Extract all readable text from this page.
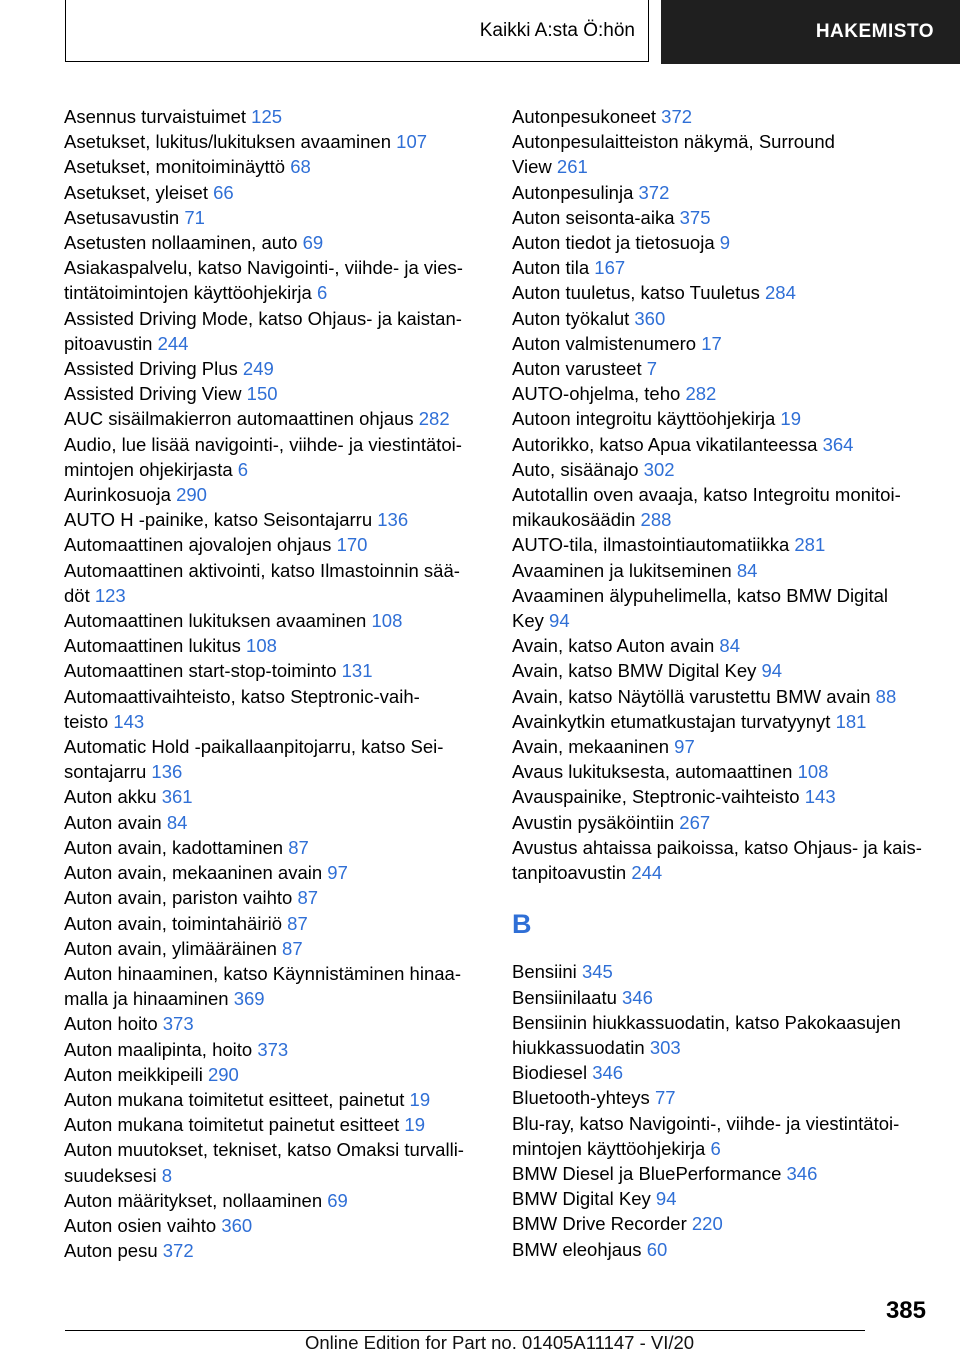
Kaikki A:sta Ö:hön	HAKEMISTO
Asennus turvaistuimet 125
Asetukset, lukitus/lukituksen avaaminen 107
Asetukset, monitoiminäyttö 68
Asetukset, yleiset 66
Asetusavustin 71
Asetusten nollaaminen, auto 69
Asiakaspalvelu, katso Navigointi-, viihde- ja vies-
tintätoimintojen käyttöohjekirja 6
Assisted Driving Mode, katso Ohjaus- ja kaistan-
pitoavustin 244
Assisted Driving Plus 249
Assisted Driving View 150
AUC sisäilmakierron automaattinen ohjaus 282
Audio, lue lisää navigointi-, viihde- ja viestintätoi-
mintojen ohjekirjasta 6
Aurinkosuoja 290
AUTO H -painike, katso Seisontajarru 136
Automaattinen ajovalojen ohjaus 170
Automaattinen aktivointi, katso Ilmastoinnin sää-
döt 123
Automaattinen lukituksen avaaminen 108
Automaattinen lukitus 108
Automaattinen start-stop-toiminto 131
Automaattivaihteisto, katso Steptronic-vaih-
teisto 143
Automatic Hold -paikallaanpitojarru, katso Sei-
sontajarru 136
Auton akku 361
Auton avain 84
Auton avain, kadottaminen 87
Auton avain, mekaaninen avain 97
Auton avain, pariston vaihto 87
Auton avain, toimintahäiriö 87
Auton avain, ylimääräinen 87
Auton hinaaminen, katso Käynnistäminen hinaa-
malla ja hinaaminen 369
Auton hoito 373
Auton maalipinta, hoito 373
Auton meikkipeili 290
Auton mukana toimitetut esitteet, painetut 19
Auton mukana toimitetut painetut esitteet 19
Auton muutokset, tekniset, katso Omaksi turvalli-
suudeksesi 8
Auton määritykset, nollaaminen 69
Auton osien vaihto 360
Auton pesu 372
Autonpesukoneet 372
Autonpesulaitteiston näkymä, Surround
View 261
Autonpesulinja 372
Auton seisonta-aika 375
Auton tiedot ja tietosuoja 9
Auton tila 167
Auton tuuletus, katso Tuuletus 284
Auton työkalut 360
Auton valmistenumero 17
Auton varusteet 7
AUTO-ohjelma, teho 282
Autoon integroitu käyttöohjekirja 19
Autorikko, katso Apua vikatilanteessa 364
Auto, sisäänajo 302
Autotallin oven avaaja, katso Integroitu monitoi-
mikaukosäädin 288
AUTO-tila, ilmastointiautomatiikka 281
Avaaminen ja lukitseminen 84
Avaaminen älypuhelimella, katso BMW Digital
Key 94
Avain, katso Auton avain 84
Avain, katso BMW Digital Key 94
Avain, katso Näytöllä varustettu BMW avain 88
Avainkytkin etumatkustajan turvatyynyt 181
Avain, mekaaninen 97
Avaus lukituksesta, automaattinen 108
Avauspainike, Steptronic-vaihteisto 143
Avustin pysäköintiin 267
Avustus ahtaissa paikoissa, katso Ohjaus- ja kais-
tanpitoavustin 244
B
Bensiini 345
Bensiinilaatu 346
Bensiinin hiukkassuodatin, katso Pakokaasujen
hiukkassuodatin 303
Biodiesel 346
Bluetooth-yhteys 77
Blu-ray, katso Navigointi-, viihde- ja viestintätoi-
mintojen käyttöohjekirja 6
BMW Diesel ja BluePerformance 346
BMW Digital Key 94
BMW Drive Recorder 220
BMW eleohjaus 60
385
Online Edition for Part no. 01405A11147 - VI/20
